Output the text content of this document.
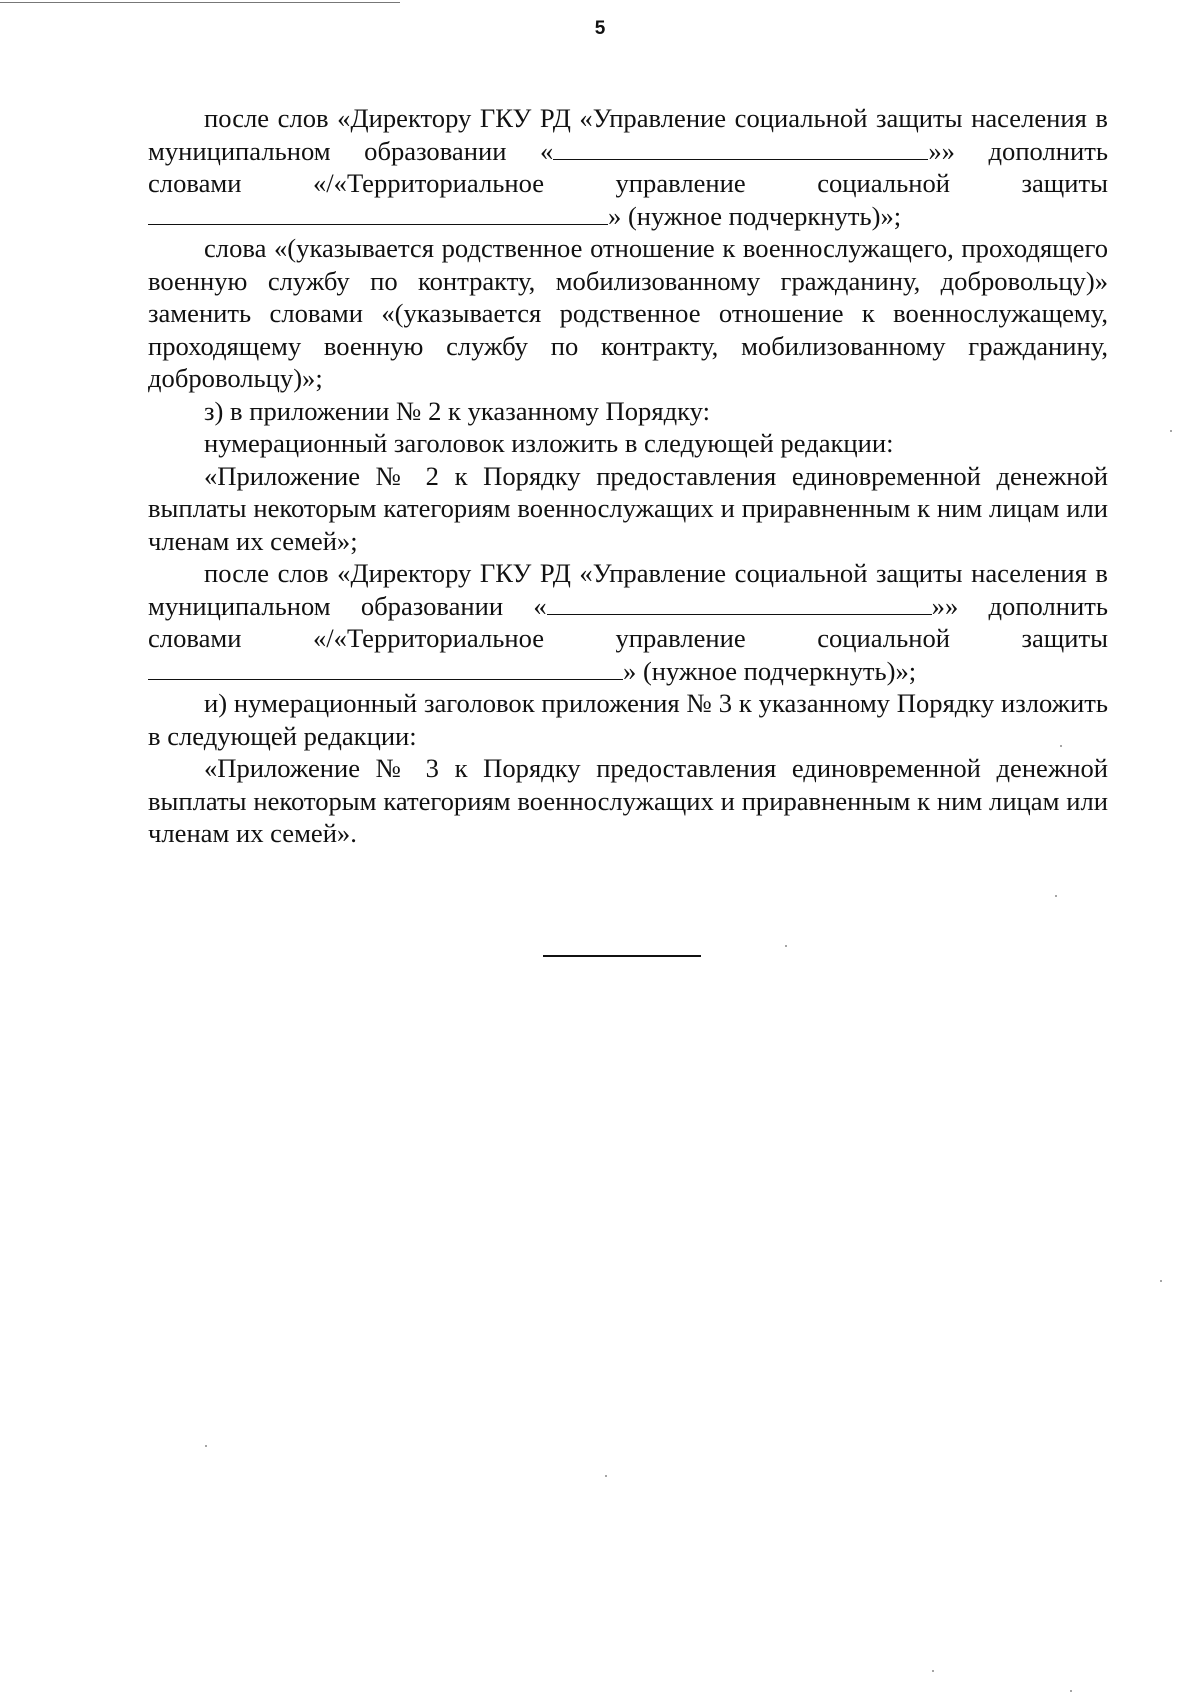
5

после слов «Директору ГКУ РД «Управление социальной защиты населения в муниципальном образовании «	»» дополнить словами «/«Территориальное управление социальной защиты » (нужное подчеркнуть)»;

слова «(указывается родственное отношение к военнослужащего, проходящего военную службу по контракту, мобилизованному гражданину, добровольцу)» заменить словами «(указывается родственное отношение к военнослужащему, проходящему военную службу по контракту, мобилизованному гражданину, добровольцу)»;

з) в приложении № 2 к указанному Порядку:

нумерационный заголовок изложить в следующей редакции:

«Приложение № 2 к Порядку предоставления единовременной денежной выплаты некоторым категориям военнослужащих и приравненным к ним лицам или членам их семей»;

после слов «Директору ГКУ РД «Управление социальной защиты населения в муниципальном образовании «	»» дополнить словами «/«Территориальное управление социальной защиты » (нужное подчеркнуть)»;

и) нумерационный заголовок приложения № 3 к указанному Порядку изложить в следующей редакции:

«Приложение № 3 к Порядку предоставления единовременной денежной выплаты некоторым категориям военнослужащих и приравненным к ним лицам или членам их семей».
